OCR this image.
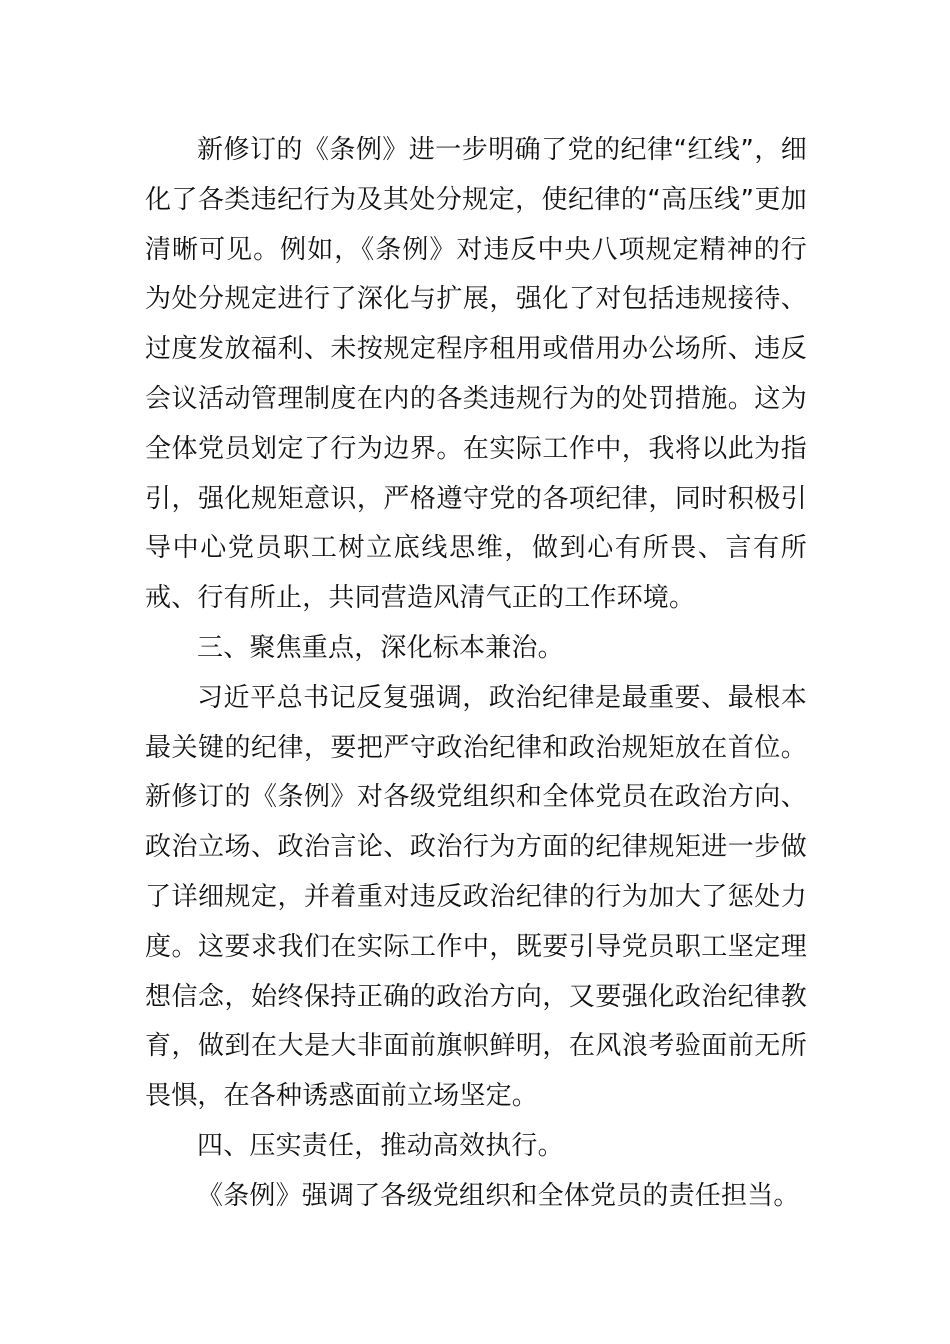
新修订的《条例》进一步明确了党的纪律“红线”，细化了各类违纪行为及其处分规定，使纪律的“高压线”更加清晰可见。例如，《条例》对违反中央八项规定精神的行为处分规定进行了深化与扩展，强化了对包括违规接待、过度发放福利、未按规定程序租用或借用办公场所、违反会议活动管理制度在内的各类违规行为的处罚措施。这为全体党员划定了行为边界。在实际工作中，我将以此为指引，强化规矩意识，严格遵守党的各项纪律，同时积极引导中心党员职工树立底线思维，做到心有所畏、言有所戒、行有所止，共同营造风清气正的工作环境。

三、聚焦重点，深化标本兼治。

习近平总书记反复强调，政治纪律是最重要、最根本最关键的纪律，要把严守政治纪律和政治规矩放在首位。新修订的《条例》对各级党组织和全体党员在政治方向、政治立场、政治言论、政治行为方面的纪律规矩进一步做了详细规定，并着重对违反政治纪律的行为加大了惩处力度。这要求我们在实际工作中，既要引导党员职工坚定理想信念，始终保持正确的政治方向，又要强化政治纪律教育，做到在大是大非面前旗帜鲜明，在风浪考验面前无所畏惧，在各种诱惑面前立场坚定。

四、压实责任，推动高效执行。

《条例》强调了各级党组织和全体党员的责任担当。
